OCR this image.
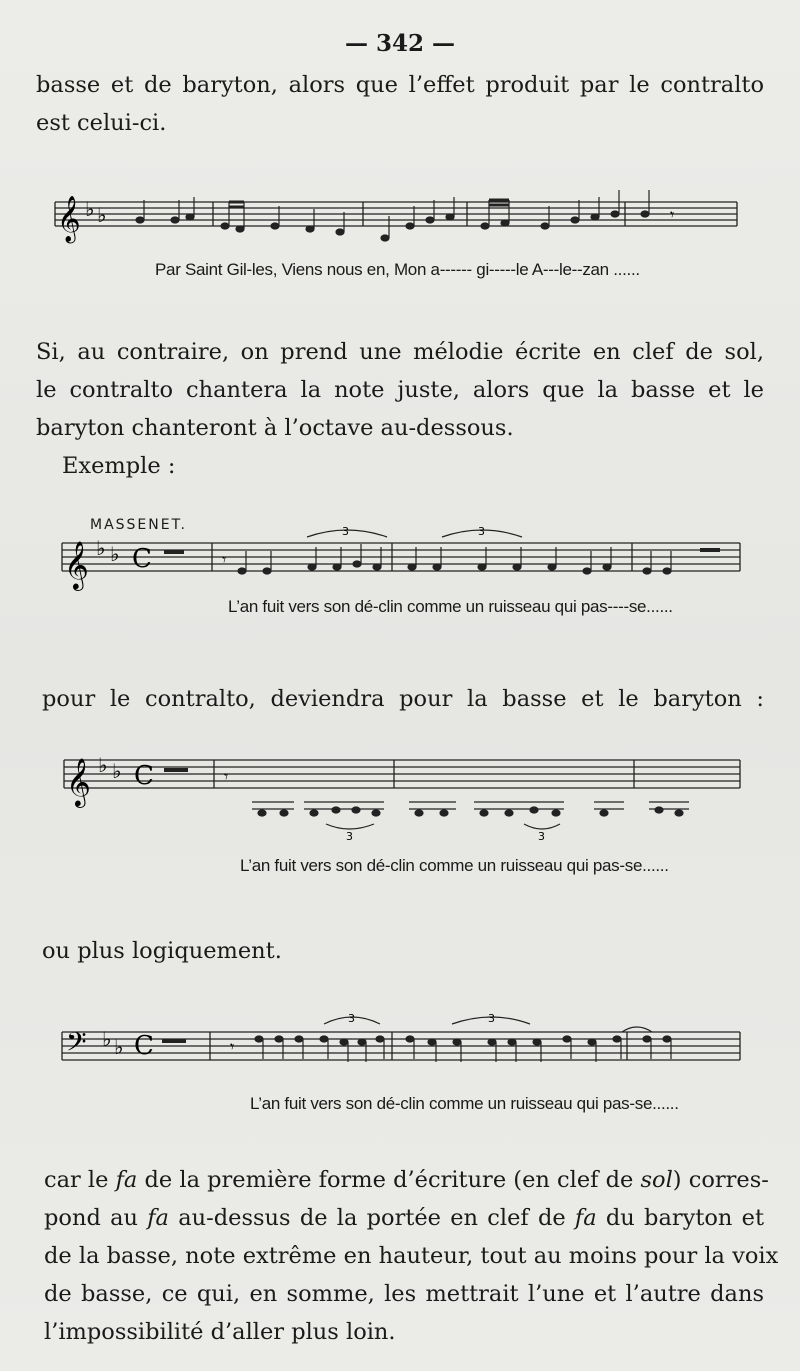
— 342 —
basse et de baryton, alors que l’effet produit par le contralto
est celui-ci.
𝄞 ♭ ♭	𝄾
Par Saint Gil-les, Viens nous en, Mon a------ gi-----le A---le--zan ......
Si, au contraire, on prend une mélodie écrite en clef de sol,
le contralto chantera la note juste, alors que la basse et le
baryton chanteront à l’octave au-dessous.
Exemple :
MASSENET.
𝄞 ♭ ♭ C
3	3
𝄾
L’an fuit vers son dé-clin comme un ruisseau qui pas----se......
pour le contralto, deviendra pour la basse et le baryton :
𝄞 ♭ ♭ C	𝄾
3	3
L’an fuit vers son dé-clin comme un ruisseau qui pas-se......
ou plus logiquement.
𝄢 ♭ ♭ C	𝄾
3	3
L’an fuit vers son dé-clin comme un ruisseau qui pas-se......
car le fa de la première forme d’écriture (en clef de sol) corres-
pond au fa au-dessus de la portée en clef de fa du baryton et
de la basse, note extrême en hauteur, tout au moins pour la voix
de basse, ce qui, en somme, les mettrait l’une et l’autre dans
l’impossibilité d’aller plus loin.
